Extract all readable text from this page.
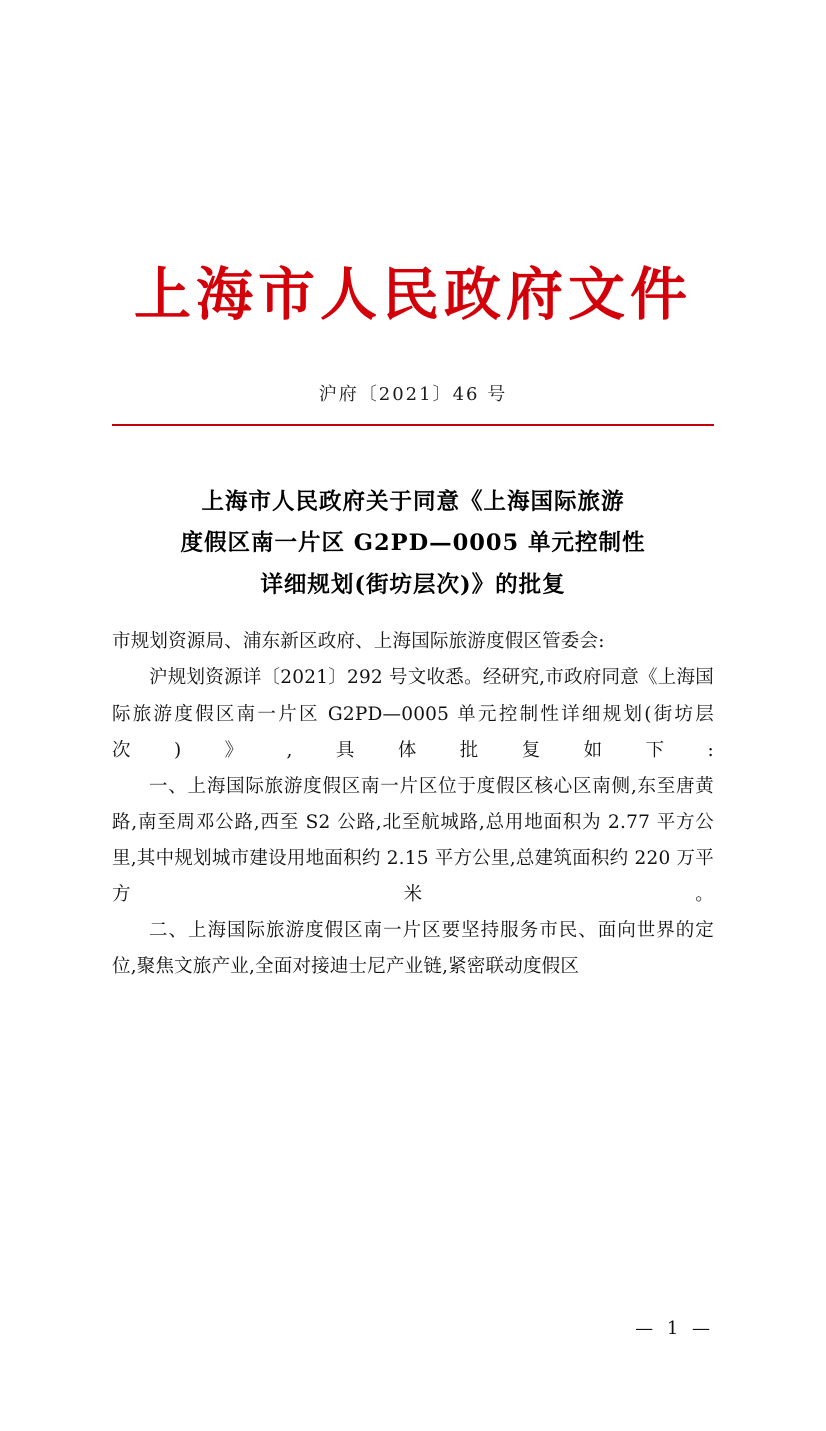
上海市人民政府文件
沪府〔2021〕46 号
上海市人民政府关于同意《上海国际旅游
度假区南一片区 G2PD—0005 单元控制性
详细规划(街坊层次)》的批复

市规划资源局、浦东新区政府、上海国际旅游度假区管委会:

沪规划资源详〔2021〕292 号文收悉。经研究,市政府同意《上海国际旅游度假区南一片区 G2PD—0005 单元控制性详细规划(街坊层次)》,具体批复如下:

一、上海国际旅游度假区南一片区位于度假区核心区南侧,东至唐黄路,南至周邓公路,西至 S2 公路,北至航城路,总用地面积为 2.77 平方公里,其中规划城市建设用地面积约 2.15 平方公里,总建筑面积约 220 万平方米。

二、上海国际旅游度假区南一片区要坚持服务市民、面向世界的定位,聚焦文旅产业,全面对接迪士尼产业链,紧密联动度假区

— 1 —
